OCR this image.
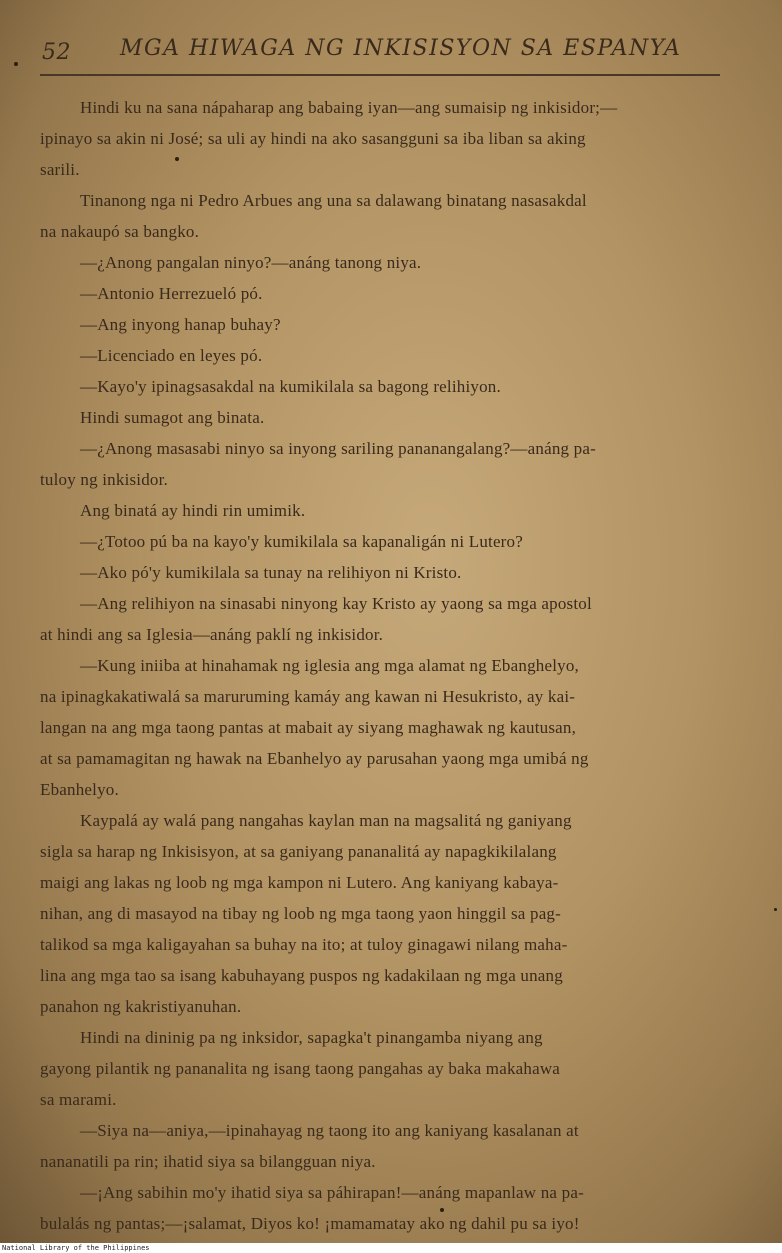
52 MGA HIWAGA NG INKISISYON SA ESPANYA
Hindi ku na sana nápaharap ang babaing iyan—ang sumaisip ng inkisidor;—
ipinayo sa akin ni José; sa uli ay hindi na ako sasangguni sa iba liban sa aking
sarili.
Tinanong nga ni Pedro Arbues ang una sa dalawang binatang nasasakdal
na nakaupó sa bangko.
—¿Anong pangalan ninyo?—anáng tanong niya.
—Antonio Herrezueló pó.
—Ang inyong hanap buhay?
—Licenciado en leyes pó.
—Kayo'y ipinagsasakdal na kumikilala sa bagong relihiyon.
Hindi sumagot ang binata.
—¿Anong masasabi ninyo sa inyong sariling pananangalang?—anáng pa-
tuloy ng inkisidor.
Ang binatá ay hindi rin umimik.
—¿Totoo pú ba na kayo'y kumikilala sa kapanaligán ni Lutero?
—Ako pó'y kumikilala sa tunay na relihiyon ni Kristo.
—Ang relihiyon na sinasabi ninyong kay Kristo ay yaong sa mga apostol
at hindi ang sa Iglesia—anáng paklí ng inkisidor.
—Kung iniiba at hinahamak ng iglesia ang mga alamat ng Ebanghelyo,
na ipinagkakatiwalá sa maruruming kamáy ang kawan ni Hesukristo, ay kai-
langan na ang mga taong pantas at mabait ay siyang maghawak ng kautusan,
at sa pamamagitan ng hawak na Ebanhelyo ay parusahan yaong mga umibá ng
Ebanhelyo.
Kaypalá ay walá pang nangahas kaylan man na magsalitá ng ganiyang
sigla sa harap ng Inkisisyon, at sa ganiyang pananalitá ay napagkikilalang
maigi ang lakas ng loob ng mga kampon ni Lutero. Ang kaniyang kabaya-
nihan, ang di masayod na tibay ng loob ng mga taong yaon hinggil sa pag-
talikod sa mga kaligayahan sa buhay na ito; at tuloy ginagawi nilang maha-
lina ang mga tao sa isang kabuhayang puspos ng kadakilaan ng mga unang
panahon ng kakristiyanuhan.
Hindi na dininig pa ng inksidor, sapagka't pinangamba niyang ang
gayong pilantik ng pananalita ng isang taong pangahas ay baka makahawa
sa marami.
—Siya na—aniya,—ipinahayag ng taong ito ang kaniyang kasalanan at
nananatili pa rin; ihatid siya sa bilangguan niya.
—¡Ang sabihin mo'y ihatid siya sa páhirapan!—anáng mapanlaw na pa-
bulalás ng pantas;—¡salamat, Diyos ko! ¡mamamatay ako ng dahil pu sa iyo!
National Library of the Philippines
